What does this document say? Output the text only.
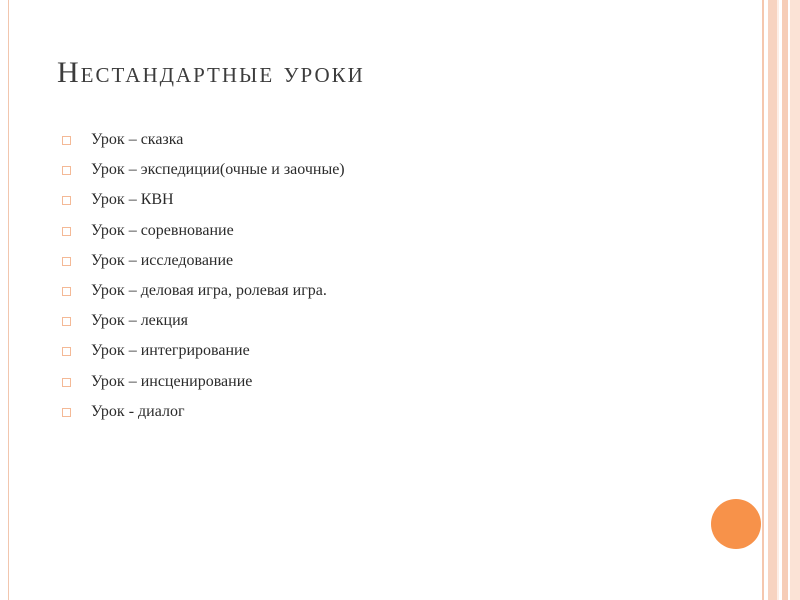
Нестандартные уроки
Урок – сказка
Урок – экспедиции(очные и заочные)
Урок – КВН
Урок – соревнование
Урок – исследование
Урок – деловая игра, ролевая игра.
Урок – лекция
Урок – интегрирование
Урок – инсценирование
Урок - диалог
